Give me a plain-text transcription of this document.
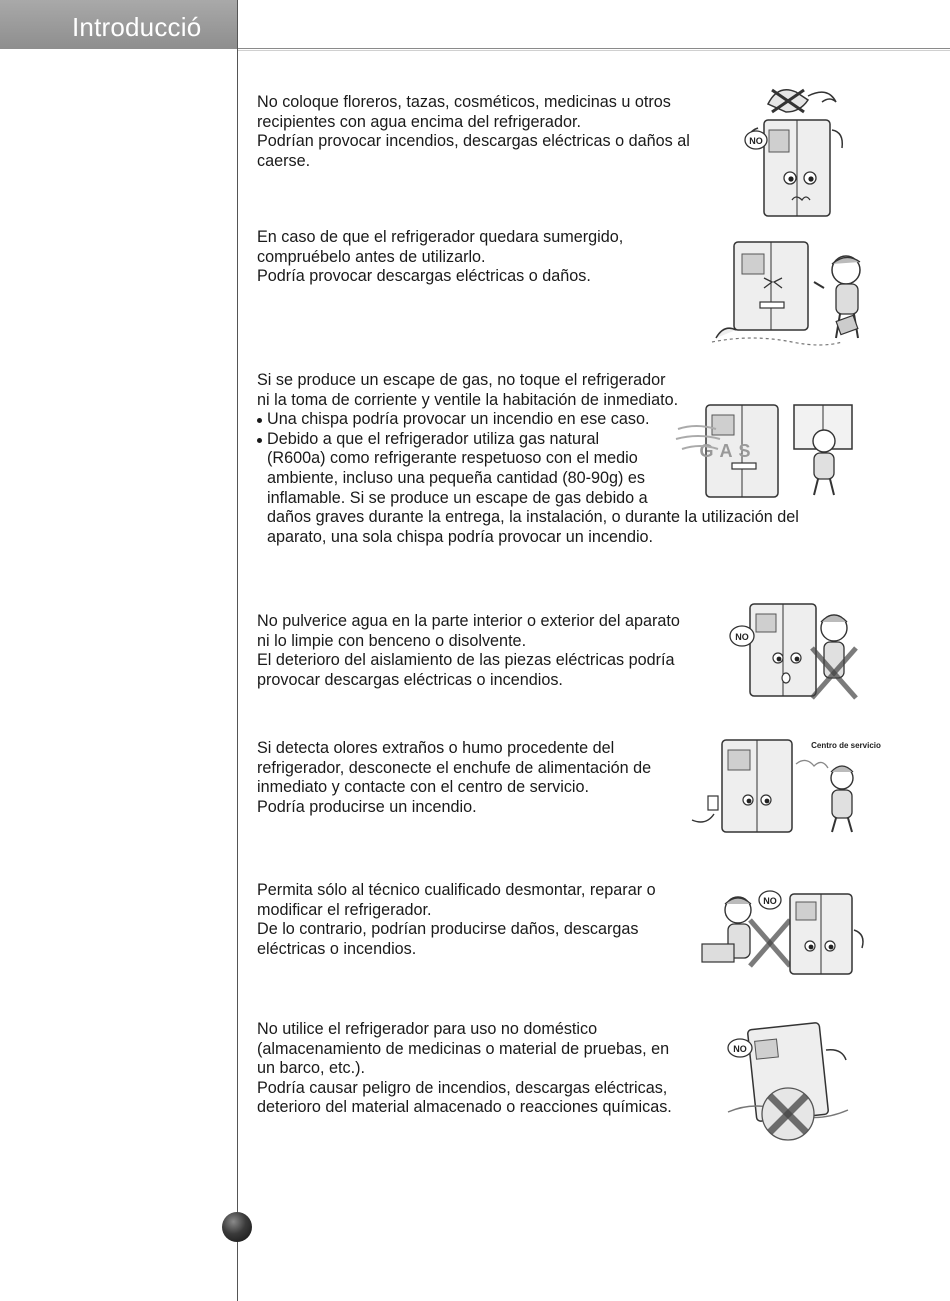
Introducció

No coloque floreros, tazas, cosméticos, medicinas u otros

recipientes con agua encima del refrigerador.

Podrían provocar incendios, descargas eléctricas o daños al

caerse.

En caso de que el refrigerador quedara sumergido,

compruébelo antes de utilizarlo.

Podría provocar descargas eléctricas o daños.

Si se produce un escape de gas, no toque el refrigerador

ni la toma de corriente y ventile la habitación de inmediato.

Una chispa podría provocar un incendio en ese caso.

Debido a que el refrigerador utiliza gas natural

(R600a) como refrigerante respetuoso con el medio

ambiente, incluso una pequeña cantidad (80-90g) es

inflamable. Si se produce un escape de gas debido a

daños graves durante la entrega, la instalación, o durante la utilización del

aparato, una sola chispa podría provocar un incendio.

No pulverice agua en la parte interior o exterior del aparato

ni lo limpie con benceno o disolvente.

El deterioro del aislamiento de las piezas eléctricas podría

provocar descargas eléctricas o incendios.

Si detecta olores extraños o humo procedente del

refrigerador, desconecte el enchufe de alimentación de

inmediato y contacte con el centro de servicio.

Podría producirse un incendio.

Permita sólo al técnico cualificado desmontar, reparar o

modificar el refrigerador.

De lo contrario, podrían producirse daños, descargas

eléctricas o incendios.

No utilice el refrigerador para uso no doméstico

(almacenamiento de medicinas o material de pruebas, en

un barco, etc.).

Podría causar peligro de incendios, descargas eléctricas,

deterioro del material almacenado o reacciones químicas.

NO
GAS
NO
Centro de servicio
NO
NO
